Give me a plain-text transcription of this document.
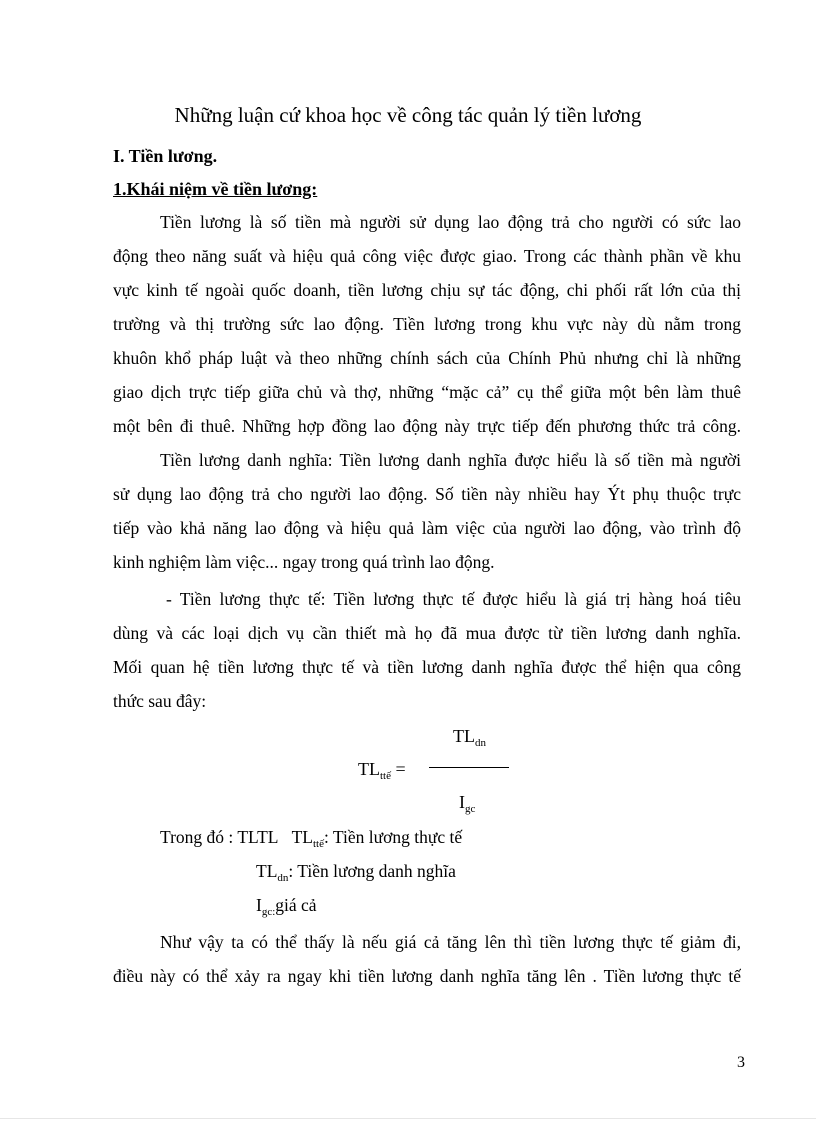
Những luận cứ khoa học về công tác quản lý tiền lương
I. Tiền lương.
1.Khái niệm về tiền lương:
Tiền lương là số tiền mà người sử dụng lao động trả cho người có sức lao
động theo năng suất và hiệu quả công việc được giao. Trong các thành phần về khu
vực kinh tế ngoài quốc doanh, tiền lương chịu sự tác động, chi phối rất lớn của thị
trường và thị trường sức lao động. Tiền lương trong khu vực này dù nằm trong
khuôn khổ pháp luật và theo những chính sách của Chính Phủ nhưng chỉ là những
giao dịch trực tiếp giữa chủ và thợ, những “mặc cả” cụ thể giữa một bên làm thuê
một bên đi thuê. Những hợp đồng lao động này trực tiếp đến phương thức trả công.
Tiền lương danh nghĩa: Tiền lương danh nghĩa được hiểu là số tiền mà người
sử dụng lao động trả cho người lao động. Số tiền này nhiều hay Ýt phụ thuộc trực
tiếp vào khả năng lao động và hiệu quả làm việc của người lao động, vào trình độ
kinh nghiệm làm việc... ngay trong quá trình lao động.
- Tiền lương thực tế: Tiền lương thực tế được hiểu là giá trị hàng hoá tiêu
dùng và các loại dịch vụ cần thiết mà họ đã mua được từ tiền lương danh nghĩa.
Mối quan hệ tiền lương thực tế và tiền lương danh nghĩa được thể hiện qua công
thức sau đây:
$TL_{dn}$
$TL_{ttế}$ =
$I_{gc}$
Trong đó : TLTL $TL_{ttế}$: Tiền lương thực tế
$TL_{dn}$: Tiền lương danh nghĩa
$I_{gc:}giá$ cả
Như vậy ta có thể thấy là nếu giá cả tăng lên thì tiền lương thực tế giảm đi,
điều này có thể xảy ra ngay khi tiền lương danh nghĩa tăng lên . Tiền lương thực tế
3
